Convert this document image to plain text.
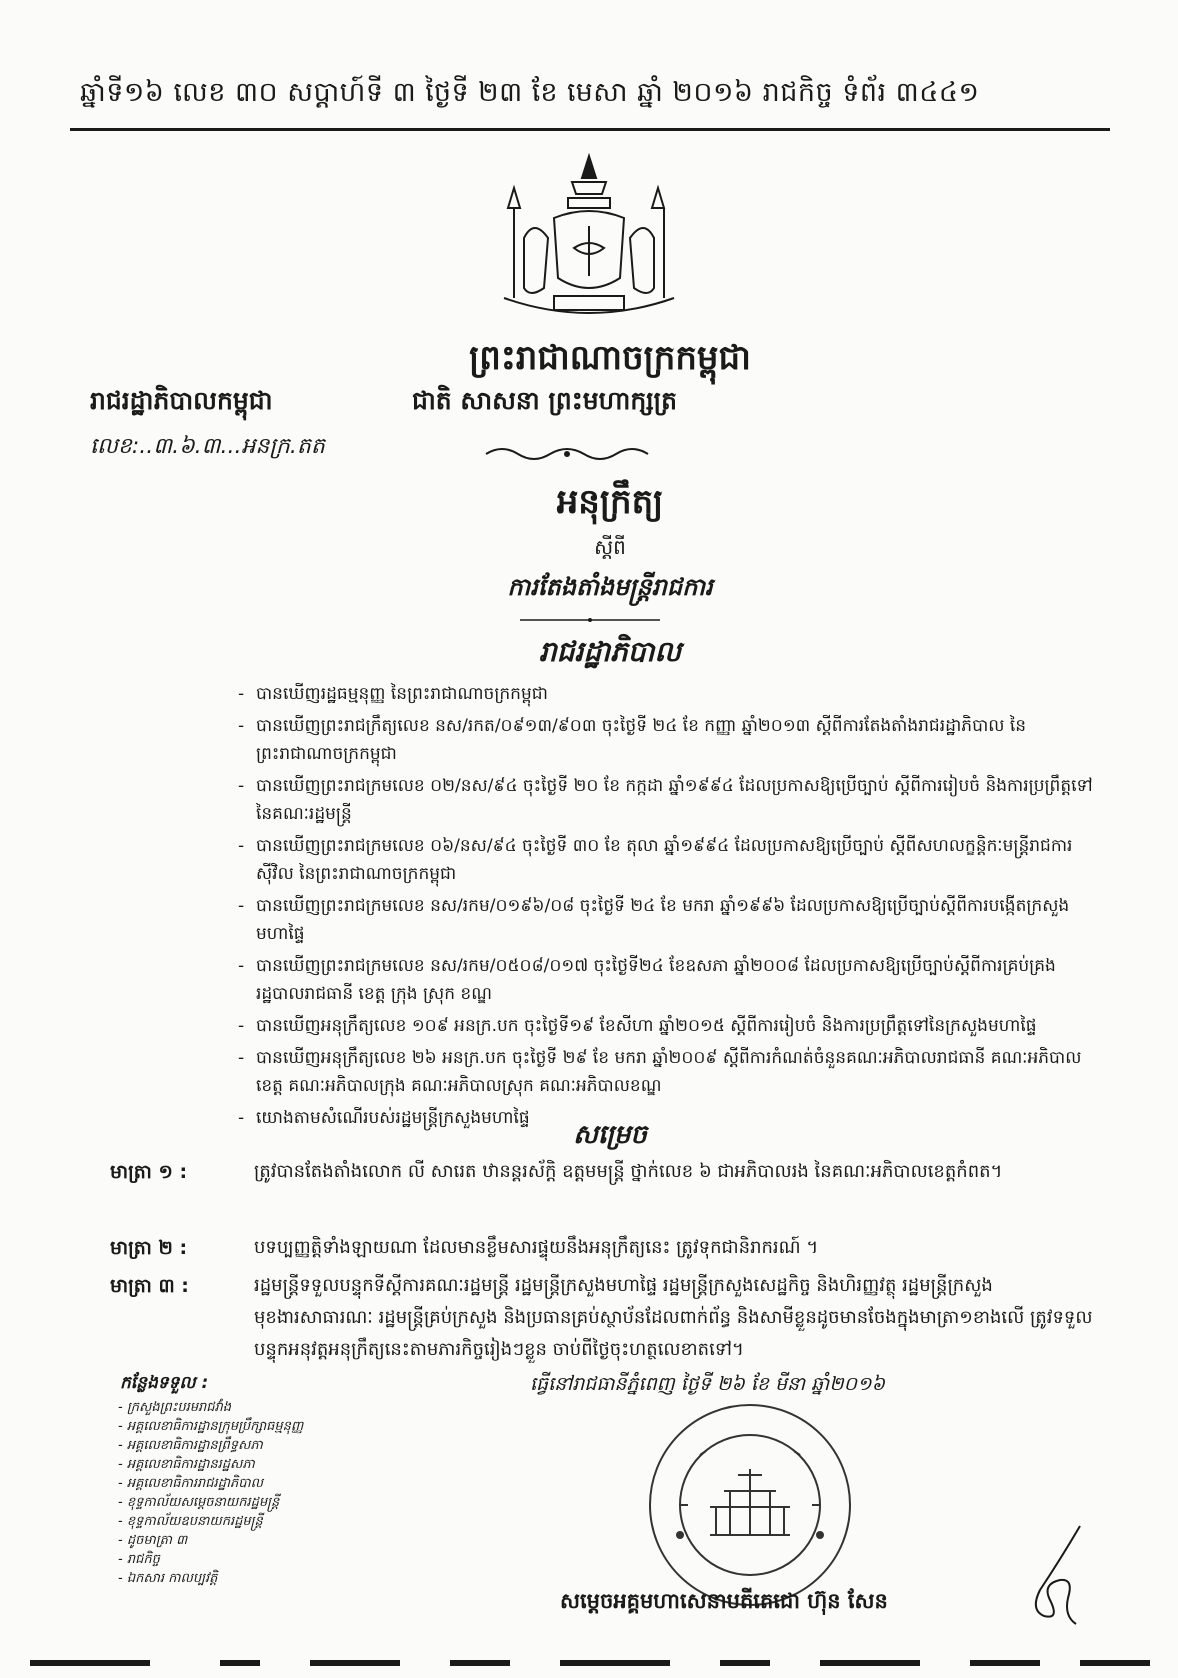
ឆ្នាំទី១៦ លេខ ៣០ សប្តាហ៍ទី ៣ ថ្ងៃទី ២៣ ខែ មេសា ឆ្នាំ ២០១៦ រាជកិច្ច ទំព័រ ៣៤៤១
ព្រះរាជាណាចក្រកម្ពុជា
រាជរដ្ឋាភិបាលកម្ពុជា	ជាតិ សាសនា ព្រះមហាក្សត្រ
លេខ:..៣.៦.៣...អនក្រ.តត
អនុក្រឹត្យ
ស្តីពី
ការតែងតាំងមន្ត្រីរាជការ
រាជរដ្ឋាភិបាល
- បានឃើញរដ្ឋធម្មនុញ្ញ នៃព្រះរាជាណាចក្រកម្ពុជា
- បានឃើញព្រះរាជក្រឹត្យលេខ នស/រកត/០៩១៣/៩០៣ ចុះថ្ងៃទី ២៤ ខែ កញ្ញា ឆ្នាំ២០១៣ ស្តីពីការតែងតាំងរាជរដ្ឋាភិបាល នៃព្រះរាជាណាចក្រកម្ពុជា
- បានឃើញព្រះរាជក្រមលេខ ០២/នស/៩៤ ចុះថ្ងៃទី ២០ ខែ កក្កដា ឆ្នាំ១៩៩៤ ដែលប្រកាសឱ្យប្រើច្បាប់ ស្តីពីការរៀបចំ និងការប្រព្រឹត្តទៅ នៃគណៈរដ្ឋមន្ត្រី
- បានឃើញព្រះរាជក្រមលេខ ០៦/នស/៩៤ ចុះថ្ងៃទី ៣០ ខែ តុលា ឆ្នាំ១៩៩៤ ដែលប្រកាសឱ្យប្រើច្បាប់ ស្តីពីសហលក្ខន្តិកៈមន្ត្រីរាជការស៊ីវិល នៃព្រះរាជាណាចក្រកម្ពុជា
- បានឃើញព្រះរាជក្រមលេខ នស/រកម/០១៩៦/០៨ ចុះថ្ងៃទី ២៤ ខែ មករា ឆ្នាំ១៩៩៦ ដែលប្រកាសឱ្យប្រើច្បាប់ស្តីពីការបង្កើតក្រសួងមហាផ្ទៃ
- បានឃើញព្រះរាជក្រមលេខ នស/រកម/០៥០៨/០១៧ ចុះថ្ងៃទី២៤ ខែឧសភា ឆ្នាំ២០០៨ ដែលប្រកាសឱ្យប្រើច្បាប់ស្តីពីការគ្រប់គ្រងរដ្ឋបាលរាជធានី ខេត្ត ក្រុង ស្រុក ខណ្ឌ
- បានឃើញអនុក្រឹត្យលេខ ១០៩ អនក្រ.បក ចុះថ្ងៃទី១៩ ខែសីហា ឆ្នាំ២០១៥ ស្តីពីការរៀបចំ និងការប្រព្រឹត្តទៅនៃក្រសួងមហាផ្ទៃ
- បានឃើញអនុក្រឹត្យលេខ ២៦ អនក្រ.បក ចុះថ្ងៃទី ២៩ ខែ មករា ឆ្នាំ២០០៩ ស្តីពីការកំណត់ចំនួនគណៈអភិបាលរាជធានី គណៈអភិបាលខេត្ត គណៈអភិបាលក្រុង គណៈអភិបាលស្រុក គណៈអភិបាលខណ្ឌ
- យោងតាមសំណើរបស់រដ្ឋមន្ត្រីក្រសួងមហាផ្ទៃ
សម្រេច
មាត្រា ១ :	ត្រូវបានតែងតាំងលោក លី សារេត ឋានន្តរស័ក្តិ ឧត្តមមន្ត្រី ថ្នាក់លេខ ៦ ជាអភិបាលរង នៃគណៈអភិបាលខេត្តកំពត។
មាត្រា ២ :	បទប្បញ្ញត្តិទាំងឡាយណា ដែលមានខ្លឹមសារផ្ទុយនឹងអនុក្រឹត្យនេះ ត្រូវទុកជានិរាករណ៍ ។
មាត្រា ៣ :	រដ្ឋមន្ត្រីទទួលបន្ទុកទីស្តីការគណៈរដ្ឋមន្ត្រី រដ្ឋមន្ត្រីក្រសួងមហាផ្ទៃ រដ្ឋមន្ត្រីក្រសួងសេដ្ឋកិច្ច និងហិរញ្ញវត្ថុ រដ្ឋមន្ត្រីក្រសួងមុខងារសាធារណៈ រដ្ឋមន្ត្រីគ្រប់ក្រសួង និងប្រធានគ្រប់ស្ថាប័នដែលពាក់ព័ន្ធ និងសាមីខ្លួនដូចមានចែងក្នុងមាត្រា១ខាងលើ ត្រូវទទួលបន្ទុកអនុវត្តអនុក្រឹត្យនេះតាមភារកិច្ចរៀងៗខ្លួន ចាប់ពីថ្ងៃចុះហត្ថលេខាតទៅ។
កន្លែងទទួល :
- ក្រសួងព្រះបរមរាជវាំង
- អគ្គលេខាធិការដ្ឋានក្រុមប្រឹក្សាធម្មនុញ្ញ
- អគ្គលេខាធិការដ្ឋានព្រឹទ្ធសភា
- អគ្គលេខាធិការដ្ឋានរដ្ឋសភា
- អគ្គលេខាធិការរាជរដ្ឋាភិបាល
- ខុទ្ទកាល័យសម្តេចនាយករដ្ឋមន្ត្រី
- ខុទ្ទកាល័យឧបនាយករដ្ឋមន្ត្រី
- ដូចមាត្រា ៣
- រាជកិច្ច
- ឯកសារ កាលប្បវត្តិ
ធ្វើនៅរាជធានីភ្នំពេញ ថ្ងៃទី ២៦ ខែ មីនា ឆ្នាំ២០១៦
សម្តេចអគ្គមហាសេនាបតីតេជោ ហ៊ុន សែន
